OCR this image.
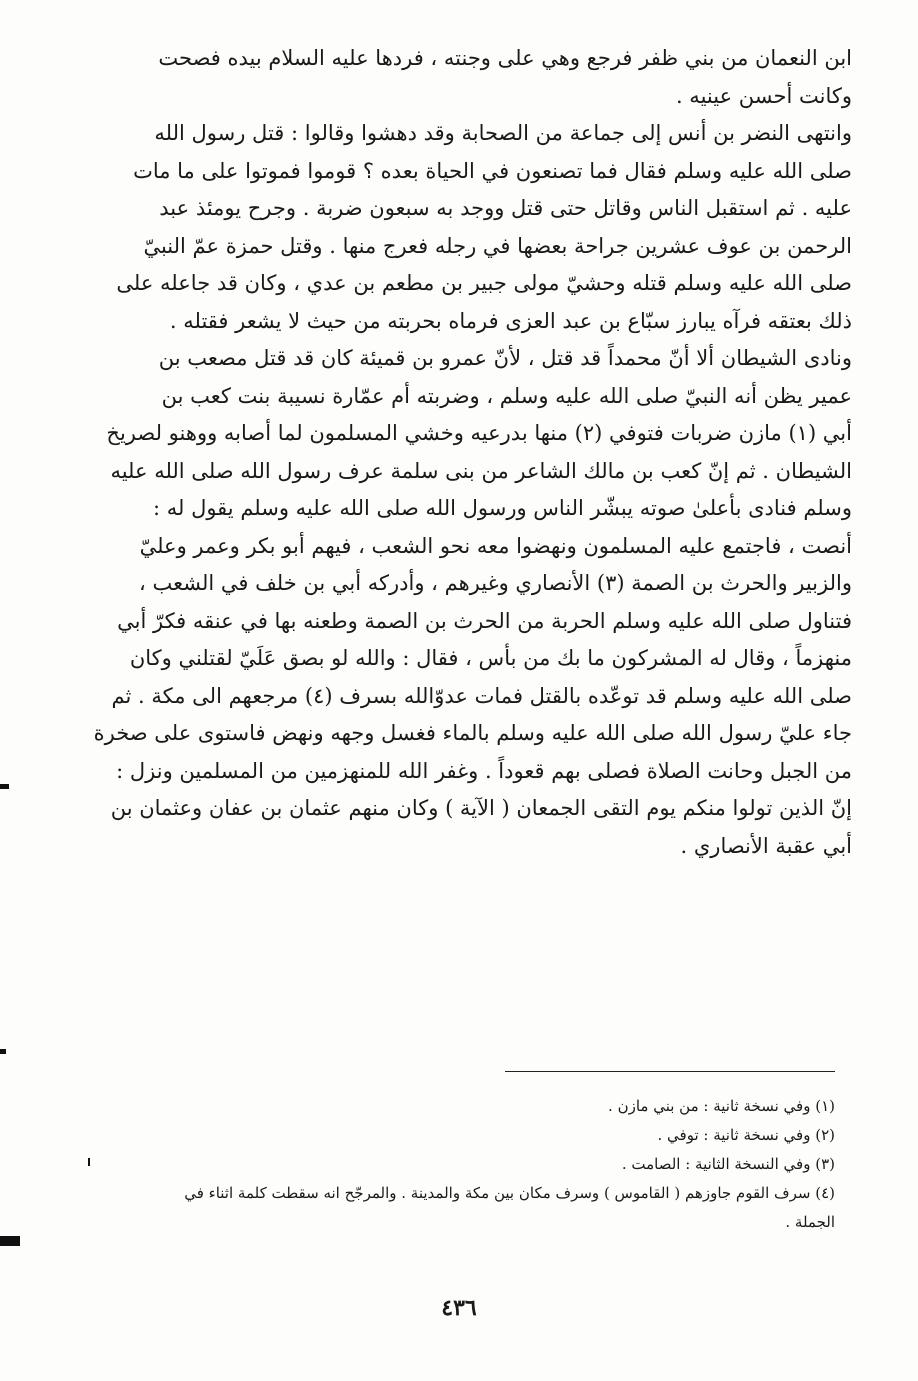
ابن النعمان من بني ظفر فرجع وهي على وجنته ، فردها عليه السلام بيده فصحت
وكانت أحسن عينيه .
وانتهى النضر بن أنس إلى جماعة من الصحابة وقد دهشوا وقالوا : قتل رسول الله
صلى الله عليه وسلم فقال فما تصنعون في الحياة بعده ؟ قوموا فموتوا على ما مات
عليه . ثم استقبل الناس وقاتل حتى قتل ووجد به سبعون ضربة . وجرح يومئذ عبد
الرحمن بن عوف عشرين جراحة بعضها في رجله فعرج منها . وقتل حمزة عمّ النبيّ
صلى الله عليه وسلم قتله وحشيّ مولى جبير بن مطعم بن عدي ، وكان قد جاعله على
ذلك بعتقه فرآه يبارز سبّاع بن عبد العزى فرماه بحربته من حيث لا يشعر فقتله .
ونادى الشيطان ألا أنّ محمداً قد قتل ، لأنّ عمرو بن قميئة كان قد قتل مصعب بن
عمير يظن أنه النبيّ صلى الله عليه وسلم ، وضربته أم عمّارة نسيبة بنت كعب بن
أبي (١) مازن ضربات فتوفي (٢) منها بدرعيه وخشي المسلمون لما أصابه ووهنو لصريخ
الشيطان . ثم إنّ كعب بن مالك الشاعر من بنى سلمة عرف رسول الله صلى الله عليه
وسلم فنادى بأعلىٰ صوته يبشّر الناس ورسول الله صلى الله عليه وسلم يقول له :
أنصت ، فاجتمع عليه المسلمون ونهضوا معه نحو الشعب ، فيهم أبو بكر وعمر وعليّ
والزبير والحرث بن الصمة (٣) الأنصاري وغيرهم ، وأدركه أبي بن خلف في الشعب ،
فتناول صلى الله عليه وسلم الحربة من الحرث بن الصمة وطعنه بها في عنقه فكرّ أبي
منهزماً ، وقال له المشركون ما بك من بأس ، فقال : والله لو بصق عَلَيّ لقتلني وكان
صلى الله عليه وسلم قد توعّده بالقتل فمات عدوّالله بسرف (٤) مرجعهم الى مكة . ثم
جاء عليّ رسول الله صلى الله عليه وسلم بالماء فغسل وجهه ونهض فاستوى على صخرة
من الجبل وحانت الصلاة فصلى بهم قعوداً . وغفر الله للمنهزمين من المسلمين ونزل :
إنّ الذين تولوا منكم يوم التقى الجمعان ( الآية ) وكان منهم عثمان بن عفان وعثمان بن
أبي عقبة الأنصاري .
(١) وفي نسخة ثانية : من بني مازن .
(٢) وفي نسخة ثانية : توفي .
(٣) وفي النسخة الثانية : الصامت .
(٤) سرف القوم جاوزهم ( القاموس ) وسرف مكان بين مكة والمدينة . والمرجّح انه سقطت كلمة اثناء في
الجملة .
٤٣٦
